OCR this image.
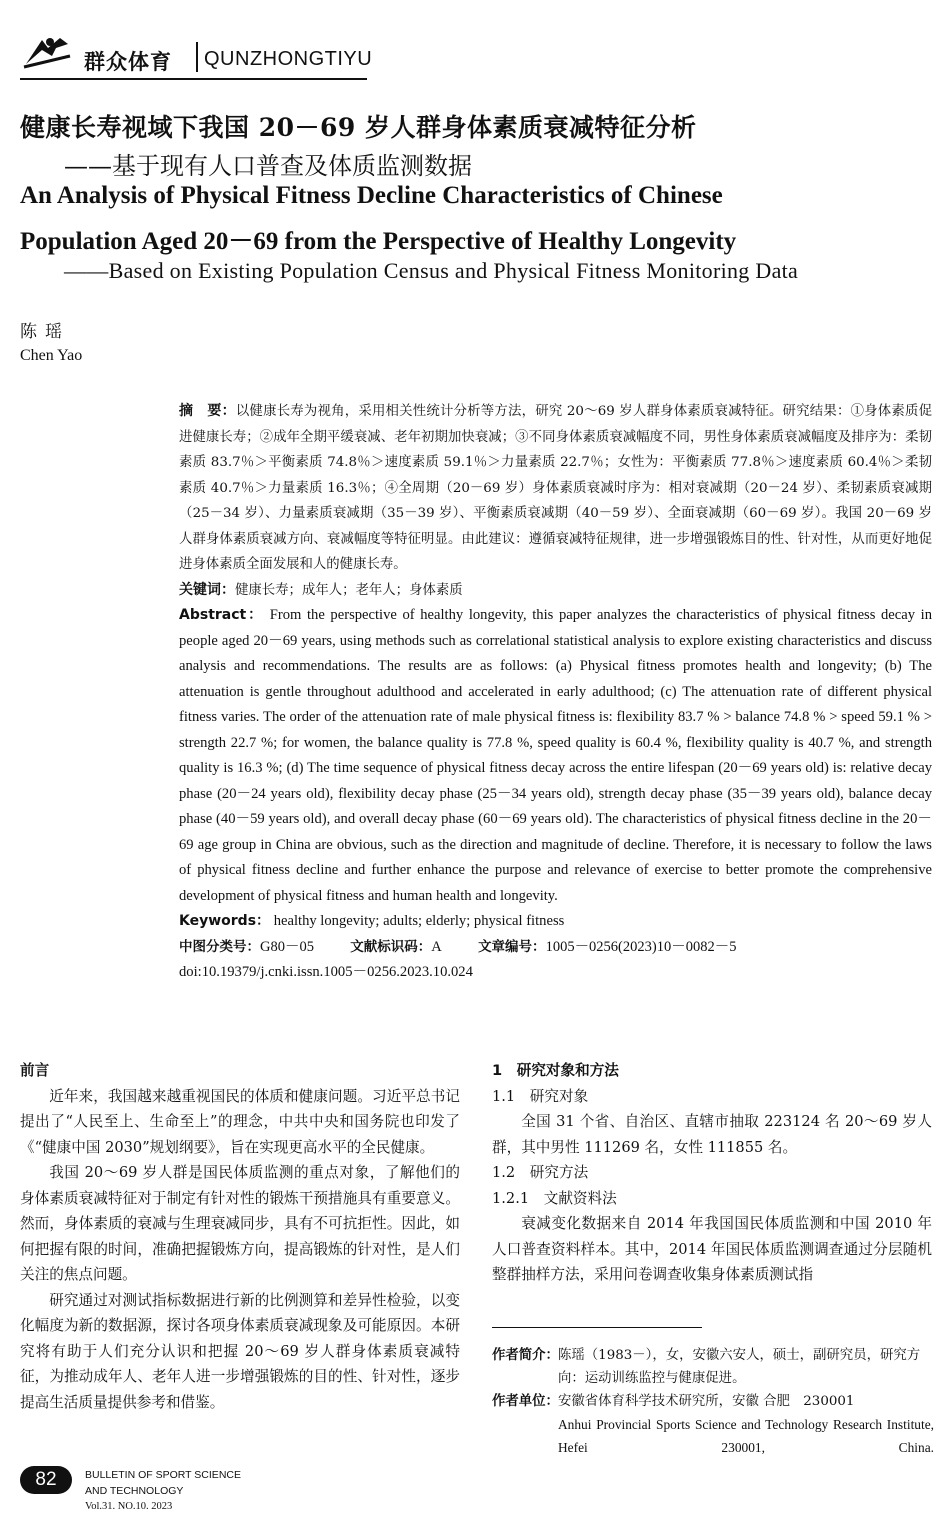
群众体育 QUNZHONGTIYU
健康长寿视域下我国 20－69 岁人群身体素质衰减特征分析
——基于现有人口普查及体质监测数据
An Analysis of Physical Fitness Decline Characteristics of Chinese
Population Aged 20－69 from the Perspective of Healthy Longevity
——Based on Existing Population Census and Physical Fitness Monitoring Data
陈瑶
Chen Yao

摘　要：以健康长寿为视角，采用相关性统计分析等方法，研究 20～69 岁人群身体素质衰减特征。研究结果：①身体素质促进健康长寿；②成年全期平缓衰减、老年初期加快衰减；③不同身体素质衰减幅度不同，男性身体素质衰减幅度及排序为：柔韧素质 83.7％＞平衡素质 74.8％＞速度素质 59.1％＞力量素质 22.7％；女性为：平衡素质 77.8％＞速度素质 60.4％＞柔韧素质 40.7％＞力量素质 16.3％；④全周期（20－69 岁）身体素质衰减时序为：相对衰减期（20－24 岁）、柔韧素质衰减期（25－34 岁）、力量素质衰减期（35－39 岁）、平衡素质衰减期（40－59 岁）、全面衰减期（60－69 岁）。我国 20－69 岁人群身体素质衰减方向、衰减幅度等特征明显。由此建议：遵循衰减特征规律，进一步增强锻炼目的性、针对性，从而更好地促进身体素质全面发展和人的健康长寿。

关键词：健康长寿；成年人；老年人；身体素质

Abstract： From the perspective of healthy longevity, this paper analyzes the characteristics of physical fitness decay in people aged 20－69 years, using methods such as correlational statistical analysis to explore existing characteristics and discuss analysis and recommendations. The results are as follows: (a) Physical fitness promotes health and longevity; (b) The attenuation is gentle throughout adulthood and accelerated in early adulthood; (c) The attenuation rate of different physical fitness varies. The order of the attenuation rate of male physical fitness is: flexibility 83.7 % > balance 74.8 % > speed 59.1 % > strength 22.7 %; for women, the balance quality is 77.8 %, speed quality is 60.4 %, flexibility quality is 40.7 %, and strength quality is 16.3 %; (d) The time sequence of physical fitness decay across the entire lifespan (20－69 years old) is: relative decay phase (20－24 years old), flexibility decay phase (25－34 years old), strength decay phase (35－39 years old), balance decay phase (40－59 years old), and overall decay phase (60－69 years old). The characteristics of physical fitness decline in the 20－69 age group in China are obvious, such as the direction and magnitude of decline. Therefore, it is necessary to follow the laws of physical fitness decline and further enhance the purpose and relevance of exercise to better promote the comprehensive development of physical fitness and human health and longevity.

Keywords： healthy longevity; adults; elderly; physical fitness

中图分类号：G80－05	文献标识码：A	文章编号：1005－0256(2023)10－0082－5

doi:10.19379/j.cnki.issn.1005－0256.2023.10.024

前言

近年来，我国越来越重视国民的体质和健康问题。习近平总书记提出了“人民至上、生命至上”的理念，中共中央和国务院也印发了《“健康中国 2030”规划纲要》，旨在实现更高水平的全民健康。

我国 20～69 岁人群是国民体质监测的重点对象，了解他们的身体素质衰减特征对于制定有针对性的锻炼干预措施具有重要意义。然而，身体素质的衰减与生理衰减同步，具有不可抗拒性。因此，如何把握有限的时间，准确把握锻炼方向，提高锻炼的针对性，是人们关注的焦点问题。

研究通过对测试指标数据进行新的比例测算和差异性检验，以变化幅度为新的数据源，探讨各项身体素质衰减现象及可能原因。本研究将有助于人们充分认识和把握 20～69 岁人群身体素质衰减特征，为推动成年人、老年人进一步增强锻炼的目的性、针对性，逐步提高生活质量提供参考和借鉴。

1　研究对象和方法

1.1　研究对象

全国 31 个省、自治区、直辖市抽取 223124 名 20～69 岁人群，其中男性 111269 名，女性 111855 名。

1.2　研究方法

1.2.1　文献资料法

衰减变化数据来自 2014 年我国国民体质监测和中国 2010 年人口普查资料样本。其中，2014 年国民体质监测调查通过分层随机整群抽样方法，采用问卷调查收集身体素质测试指

作者简介： 陈瑶（1983－），女，安徽六安人，硕士，副研究员，研究方向：运动训练监控与健康促进。
作者单位： 安徽省体育科学技术研究所，安徽 合肥　230001
Anhui Provincial Sports Science and Technology Research Institute, Hefei 230001, China.
82	BULLETIN OF SPORT SCIENCE
AND TECHNOLOGY
Vol.31. NO.10. 2023
